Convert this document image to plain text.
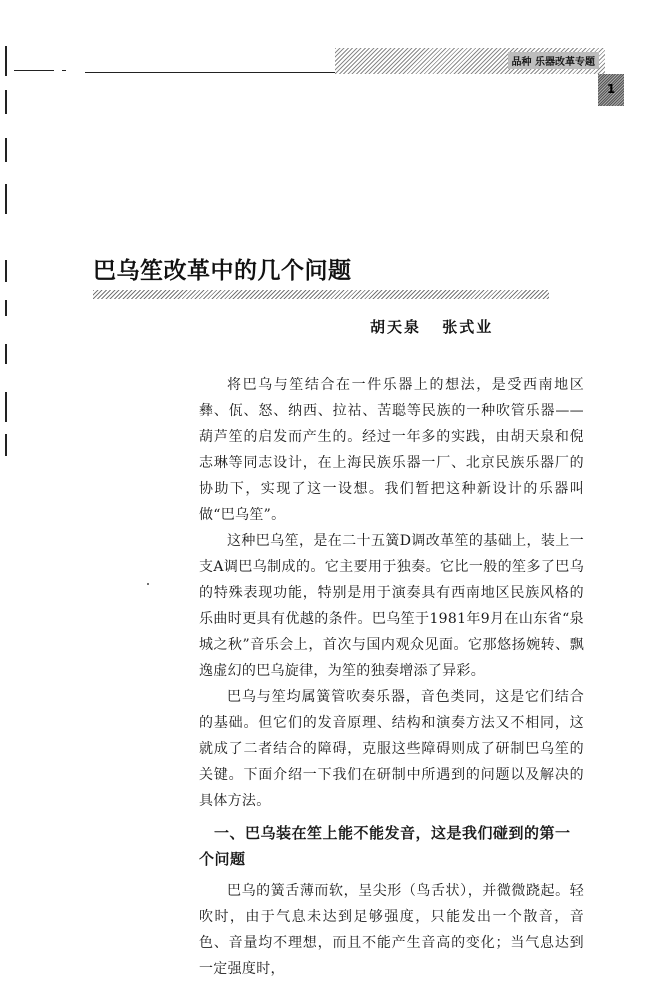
品种 乐器改革专题
1
巴乌笙改革中的几个问题
胡天泉 张式业

将巴乌与笙结合在一件乐器上的想法，是受西南地区彝、佤、怒、纳西、拉祜、苦聪等民族的一种吹管乐器——葫芦笙的启发而产生的。经过一年多的实践，由胡天泉和倪志琳等同志设计，在上海民族乐器一厂、北京民族乐器厂的协助下，实现了这一设想。我们暂把这种新设计的乐器叫做“巴乌笙”。

这种巴乌笙，是在二十五簧D调改革笙的基础上，装上一支A调巴乌制成的。它主要用于独奏。它比一般的笙多了巴乌的特殊表现功能，特别是用于演奏具有西南地区民族风格的乐曲时更具有优越的条件。巴乌笙于1981年9月在山东省“泉城之秋”音乐会上，首次与国内观众见面。它那悠扬婉转、飘逸虚幻的巴乌旋律，为笙的独奏增添了异彩。

巴乌与笙均属簧管吹奏乐器，音色类同，这是它们结合的基础。但它们的发音原理、结构和演奏方法又不相同，这就成了二者结合的障碍，克服这些障碍则成了研制巴乌笙的关键。下面介绍一下我们在研制中所遇到的问题以及解决的具体方法。

一、巴乌装在笙上能不能发音，这是我们碰到的第一个问题

巴乌的簧舌薄而软，呈尖形（鸟舌状），并微微跷起。轻吹时，由于气息未达到足够强度，只能发出一个散音，音色、音量均不理想，而且不能产生音高的变化；当气息达到一定强度时，
